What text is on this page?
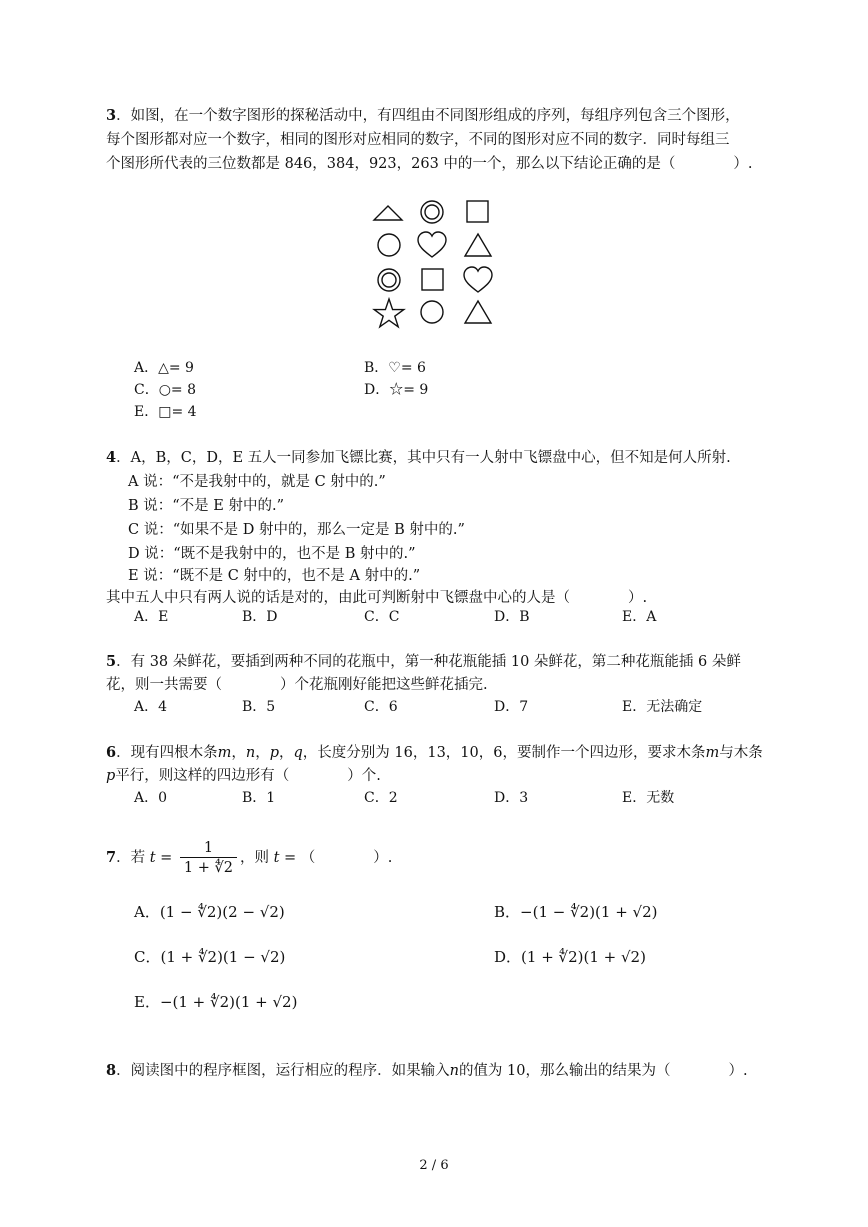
3．如图，在一个数字图形的探秘活动中，有四组由不同图形组成的序列，每组序列包含三个图形，
每个图形都对应一个数字，相同的图形对应相同的数字，不同的图形对应不同的数字．同时每组三
个图形所代表的三位数都是 846，384，923，263 中的一个，那么以下结论正确的是（　　　　）.
A．△= 9	B．♡= 6
C．○= 8	D．☆= 9
E．□= 4
4．A，B，C，D，E 五人一同参加飞镖比赛，其中只有一人射中飞镖盘中心，但不知是何人所射.
A 说：“不是我射中的，就是 C 射中的.”
B 说：“不是 E 射中的.”
C 说：“如果不是 D 射中的，那么一定是 B 射中的.”
D 说：“既不是我射中的，也不是 B 射中的.”
E 说：“既不是 C 射中的，也不是 A 射中的.”
其中五人中只有两人说的话是对的，由此可判断射中飞镖盘中心的人是（　　　　）.
A．E	B．D	C．C	D．B	E．A
5．有 38 朵鲜花，要插到两种不同的花瓶中，第一种花瓶能插 10 朵鲜花，第二种花瓶能插 6 朵鲜
花，则一共需要（　　　　）个花瓶刚好能把这些鲜花插完.
A．4	B．5	C．6	D．7	E．无法确定
6．现有四根木条m，n，p，q，长度分别为 16，13，10，6，要制作一个四边形，要求木条m与木条
p平行，则这样的四边形有（　　　　）个.
A．0	B．1	C．2	D．3	E．无数
7．若 $t = \frac{1}{1 + ∜2}$ ，则 t = （　　　　）.
A．(1 − ∜2)(2 − √2)	B．−(1 − ∜2)(1 + √2)
C．(1 + ∜2)(1 − √2)	D．(1 + ∜2)(1 + √2)
E．−(1 + ∜2)(1 + √2)
8．阅读图中的程序框图，运行相应的程序．如果输入n的值为 10，那么输出的结果为（　　　　）.
2 / 6
